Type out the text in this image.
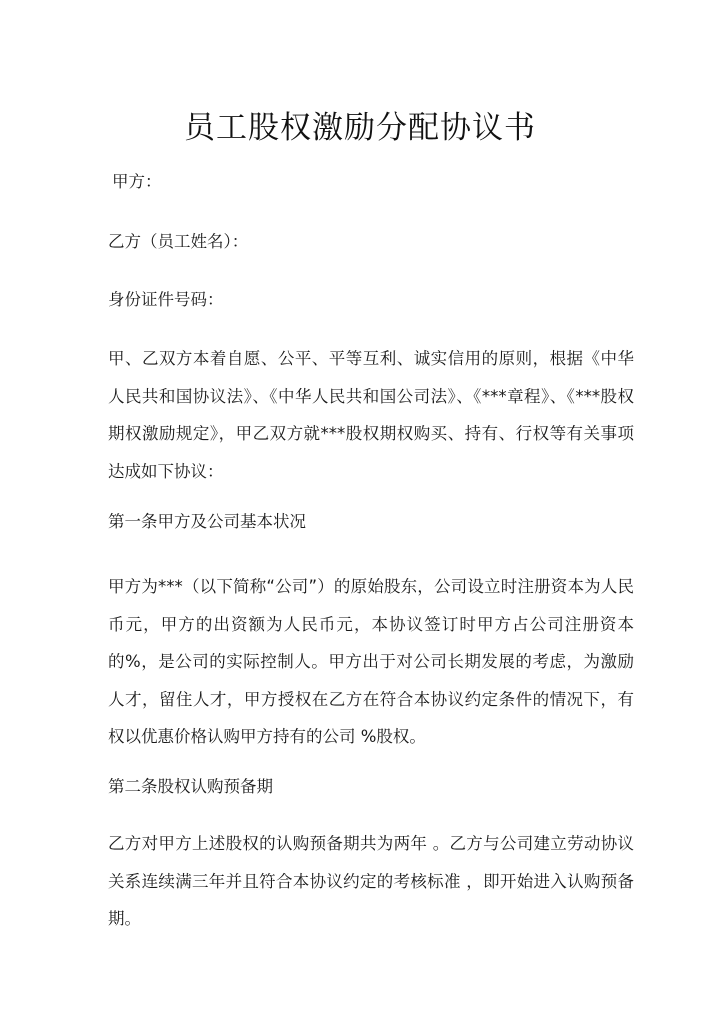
员工股权激励分配协议书

甲方：

乙方（员工姓名）：

身份证件号码：

甲、乙双方本着自愿、公平、平等互利、诚实信用的原则，根据《中华人民共和国协议法》、《中华人民共和国公司法》、《***章程》、《***股权期权激励规定》，甲乙双方就***股权期权购买、持有、行权等有关事项达成如下协议：

第一条甲方及公司基本状况

甲方为***（以下简称“公司”）的原始股东，公司设立时注册资本为人民币元，甲方的出资额为人民币元，本协议签订时甲方占公司注册资本的%，是公司的实际控制人。甲方出于对公司长期发展的考虑，为激励人才，留住人才，甲方授权在乙方在符合本协议约定条件的情况下，有权以优惠价格认购甲方持有的公司 %股权。

第二条股权认购预备期

乙方对甲方上述股权的认购预备期共为两年 。乙方与公司建立劳动协议关系连续满三年并且符合本协议约定的考核标准 ，即开始进入认购预备期。
